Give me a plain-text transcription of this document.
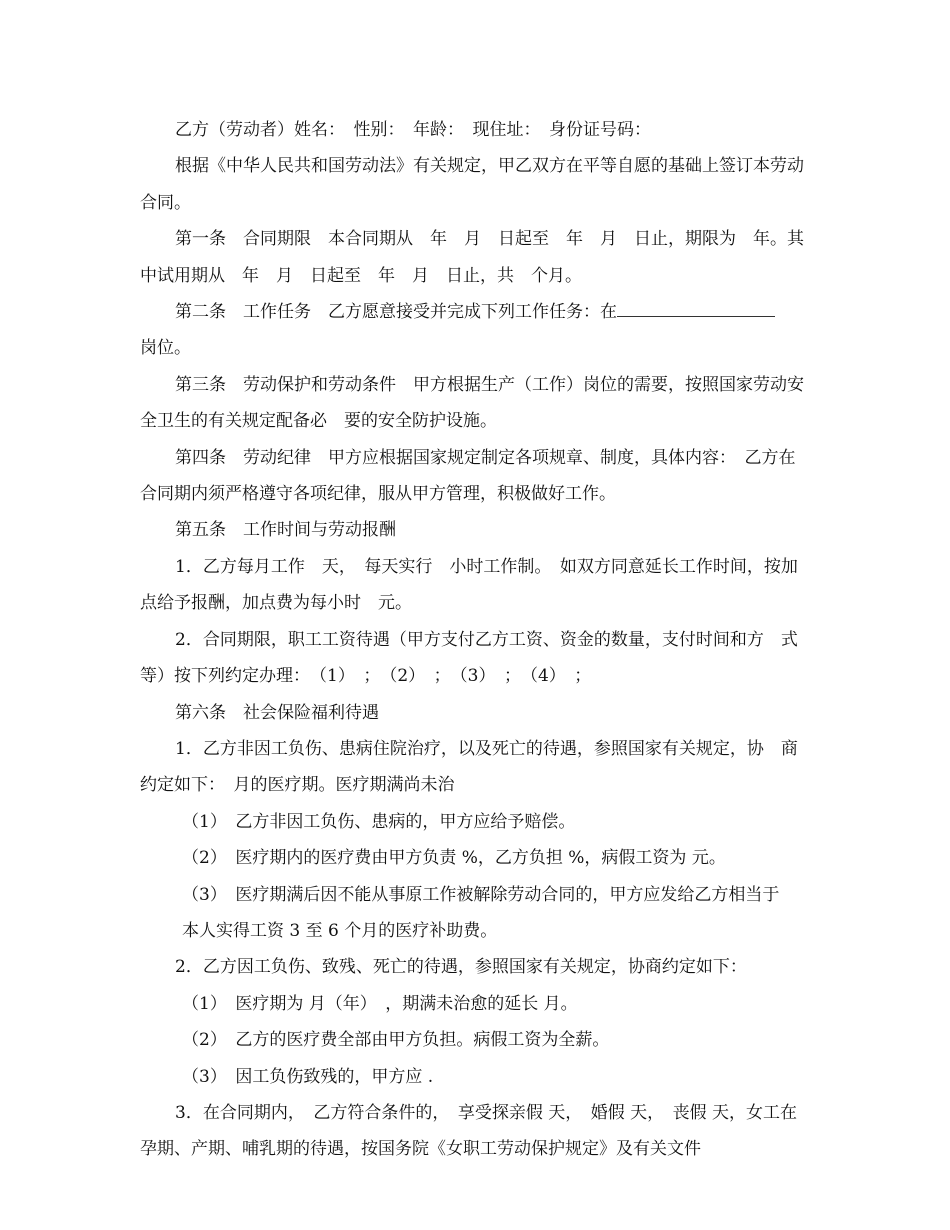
乙方（劳动者）姓名：　性别：　年龄：　现住址：　身份证号码：

根据《中华人民共和国劳动法》有关规定，甲乙双方在平等自愿的基础上签订本劳动合同。

第一条　合同期限　本合同期从　年　月　日起至　年　月　日止，期限为　年。其　中试用期从　年　月　日起至　年　月　日止，共　个月。

第二条　工作任务　乙方愿意接受并完成下列工作任务：在

岗位。

第三条　劳动保护和劳动条件　甲方根据生产（工作）岗位的需要，按照国家劳动安全卫生的有关规定配备必　要的安全防护设施。

第四条　劳动纪律　甲方应根据国家规定制定各项规章、制度，具体内容：　乙方在合同期内须严格遵守各项纪律，服从甲方管理，积极做好工作。

第五条　工作时间与劳动报酬

1．乙方每月工作　天，　每天实行　小时工作制。　如双方同意延长工作时间，按加点给予报酬，加点费为每小时　元。

2．合同期限，职工工资待遇（甲方支付乙方工资、资金的数量，支付时间和方　式等）按下列约定办理：　（1）　；　（2）　；　（3）　；　（4）　；

第六条　社会保险福利待遇

1．乙方非因工负伤、患病住院治疗，以及死亡的待遇，参照国家有关规定，协　商约定如下：　月的医疗期。医疗期满尚未治

（1）　乙方非因工负伤、患病的，甲方应给予赔偿。

（2）　医疗期内的医疗费由甲方负责 %，乙方负担 %，病假工资为 元。

（3）　医疗期满后因不能从事原工作被解除劳动合同的，甲方应发给乙方相当于　本人实得工资 3 至 6 个月的医疗补助费。

2．乙方因工负伤、致残、死亡的待遇，参照国家有关规定，协商约定如下：

（1）　医疗期为 月（年）　，期满未治愈的延长 月。

（2）　乙方的医疗费全部由甲方负担。病假工资为全薪。

（3）　因工负伤致残的，甲方应 .

3．在合同期内，　乙方符合条件的，　享受探亲假 天，　婚假 天，　丧假 天，女工在孕期、产期、哺乳期的待遇，按国务院《女职工劳动保护规定》及有关文件
